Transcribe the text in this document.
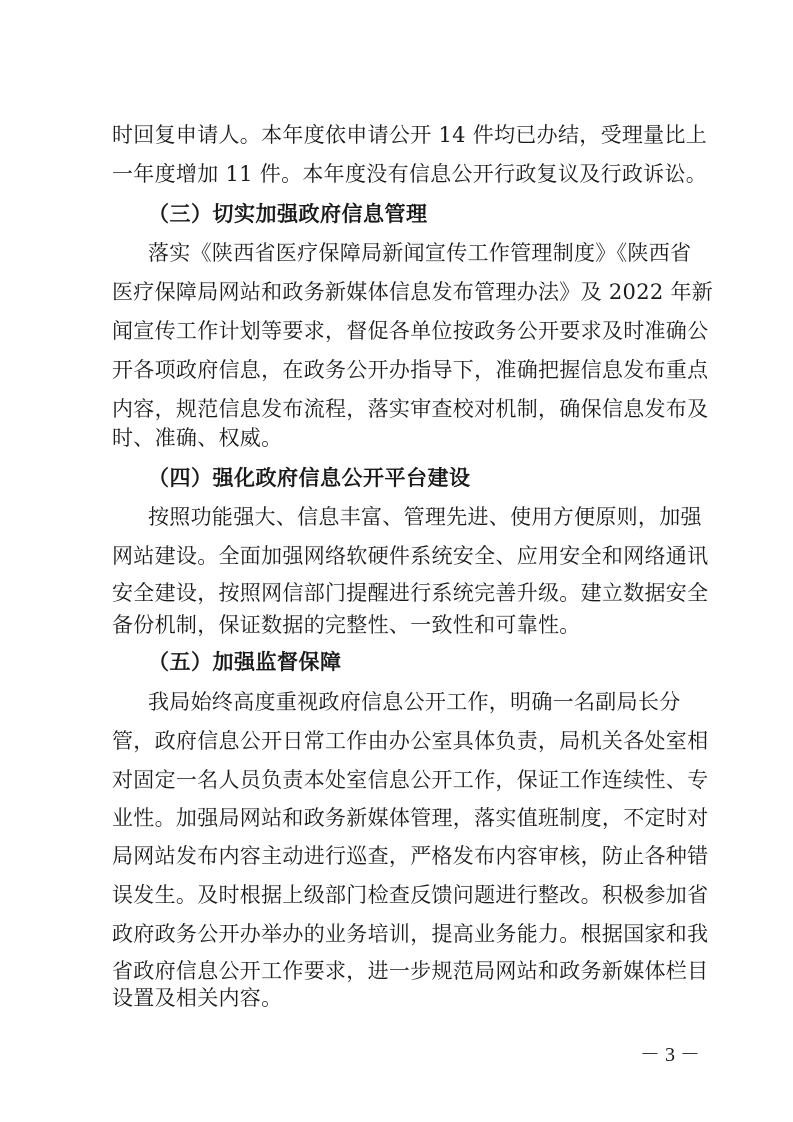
时回复申请人。本年度依申请公开 14 件均已办结，受理量比上
一年度增加 11 件。本年度没有信息公开行政复议及行政诉讼。
（三）切实加强政府信息管理
落实《陕西省医疗保障局新闻宣传工作管理制度》《陕西省
医疗保障局网站和政务新媒体信息发布管理办法》及 2022 年新
闻宣传工作计划等要求，督促各单位按政务公开要求及时准确公
开各项政府信息，在政务公开办指导下，准确把握信息发布重点
内容，规范信息发布流程，落实审查校对机制，确保信息发布及
时、准确、权威。
（四）强化政府信息公开平台建设
按照功能强大、信息丰富、管理先进、使用方便原则，加强
网站建设。全面加强网络软硬件系统安全、应用安全和网络通讯
安全建设，按照网信部门提醒进行系统完善升级。建立数据安全
备份机制，保证数据的完整性、一致性和可靠性。
（五）加强监督保障
我局始终高度重视政府信息公开工作，明确一名副局长分
管，政府信息公开日常工作由办公室具体负责，局机关各处室相
对固定一名人员负责本处室信息公开工作，保证工作连续性、专
业性。加强局网站和政务新媒体管理，落实值班制度，不定时对
局网站发布内容主动进行巡查，严格发布内容审核，防止各种错
误发生。及时根据上级部门检查反馈问题进行整改。积极参加省
政府政务公开办举办的业务培训，提高业务能力。根据国家和我
省政府信息公开工作要求，进一步规范局网站和政务新媒体栏目
设置及相关内容。
－ 3 －
